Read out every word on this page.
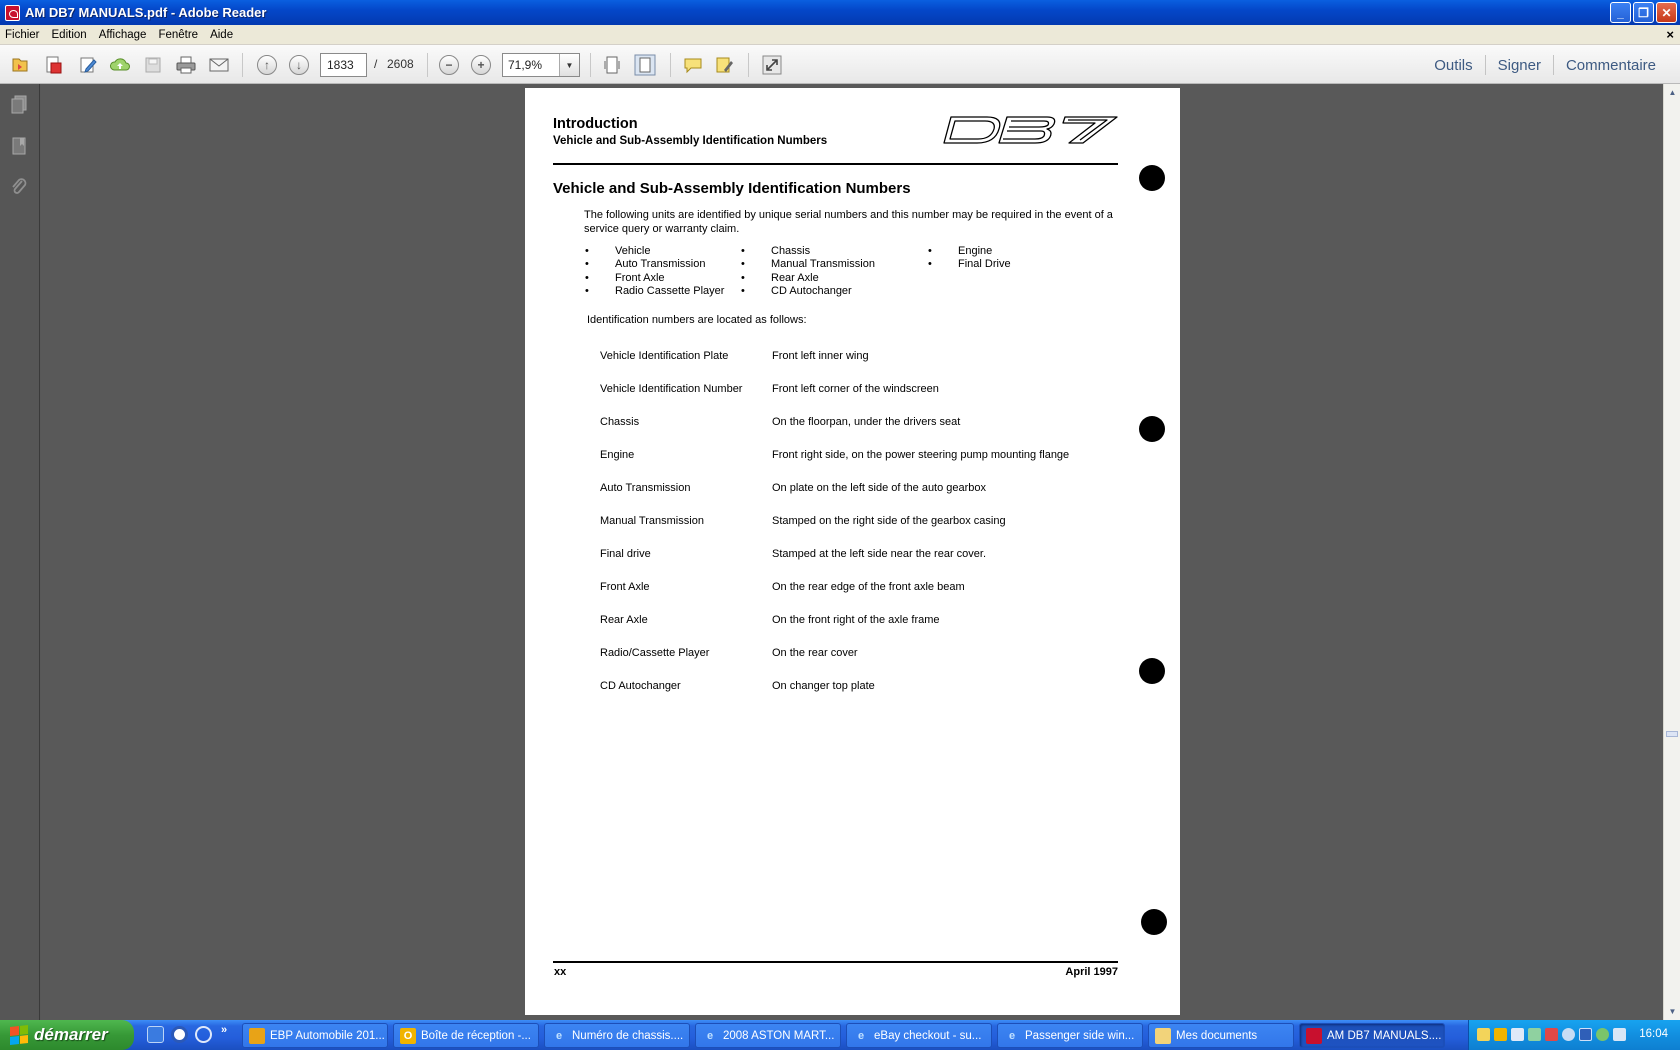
AM DB7 MANUALS.pdf - Adobe Reader	_	❐	✕
Fichier Edition Affichage Fenêtre Aide	×
↑	↓	1833	/ 2608	−	+	71,9%	▼	Outils	Signer	Commentaire
Introduction
Vehicle and Sub-Assembly Identification Numbers
Vehicle and Sub-Assembly Identification Numbers
The following units are identified by unique serial numbers and this number may be required in the event of a service query or warranty claim.
• Vehicle
• Auto Transmission
• Front Axle
• Radio Cassette Player
• Chassis
• Manual Transmission
• Rear Axle
• CD Autochanger
• Engine
• Final Drive
Identification numbers are located as follows:
Vehicle Identification Plate	Front left inner wing
Vehicle Identification Number	Front left corner of the windscreen
Chassis	On the floorpan, under the drivers seat
Engine	Front right side, on the power steering pump mounting flange
Auto Transmission	On plate on the left side of the auto gearbox
Manual Transmission	Stamped on the right side of the gearbox casing
Final drive	Stamped at the left side near the rear cover.
Front Axle	On the rear edge of the front axle beam
Rear Axle	On the front right of the axle frame
Radio/Cassette Player	On the rear cover
CD Autochanger	On changer top plate
xx	April 1997
▲
▼
démarrer	»	EBP Automobile 201...	O Boîte de réception -...	e Numéro de chassis....	e 2008 ASTON MART...	e eBay checkout - su...	e Passenger side win...	Mes documents	AM DB7 MANUALS....	16:04
